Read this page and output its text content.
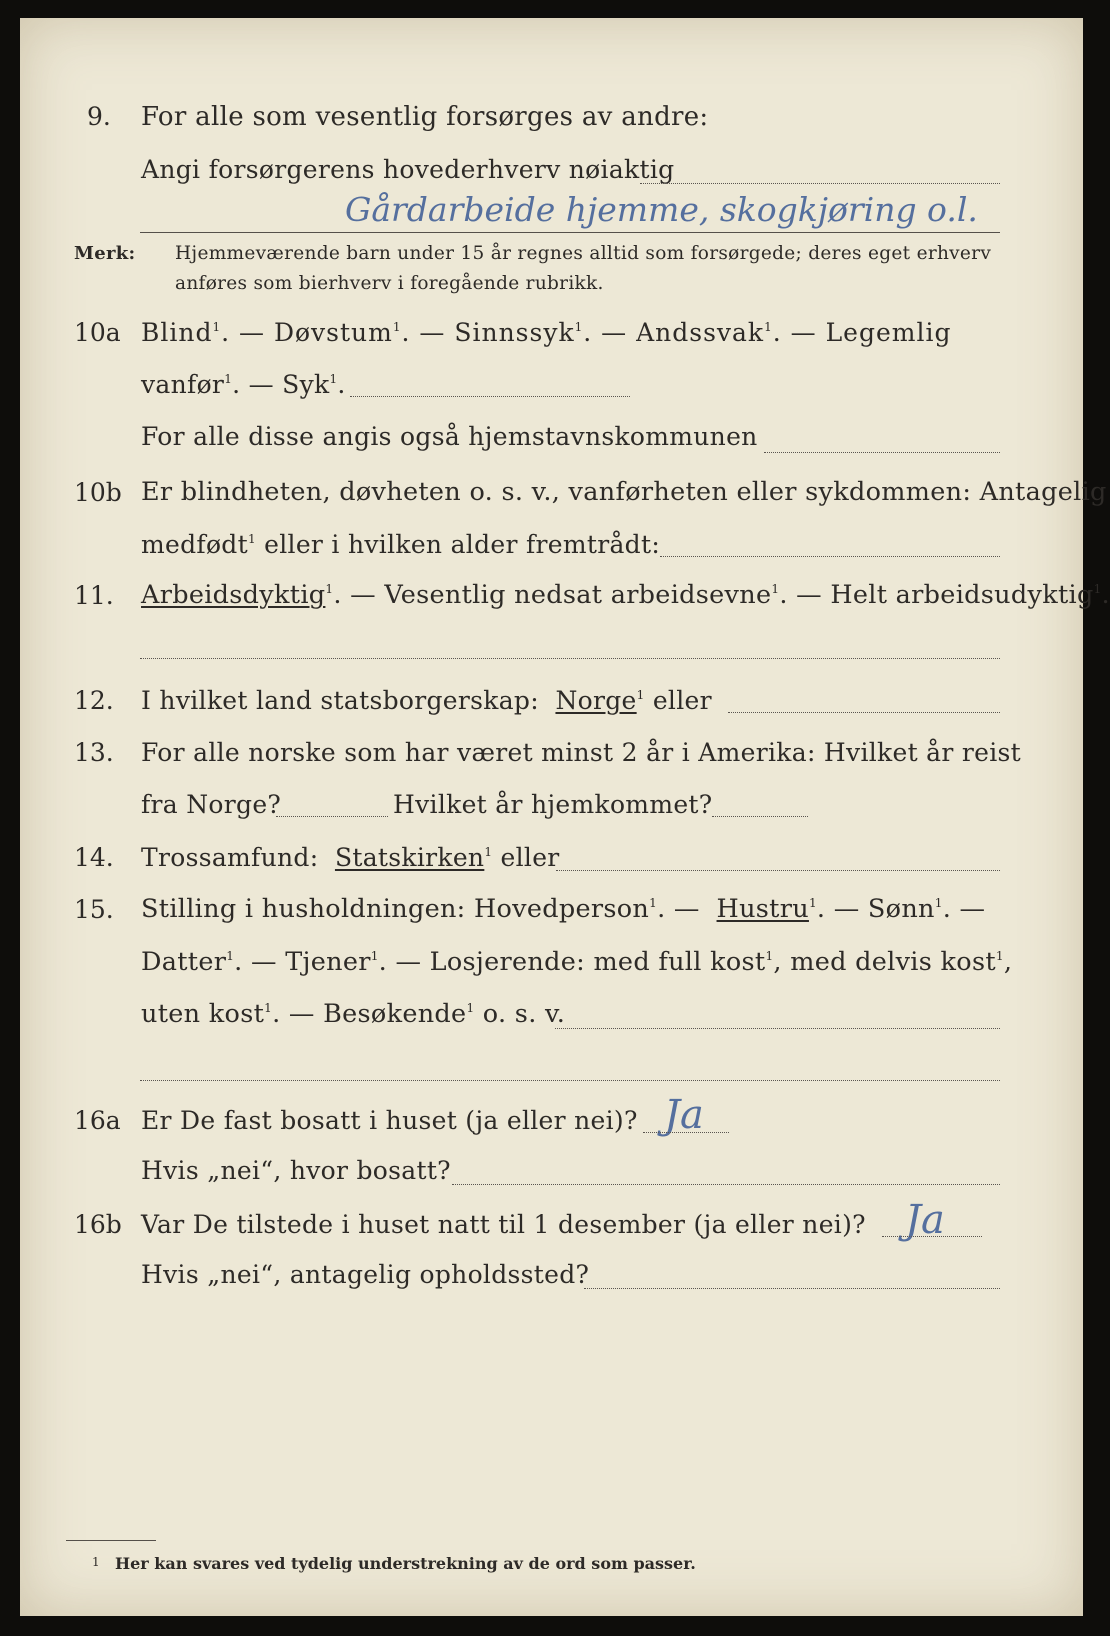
9. For alle som vesentlig forsørges av andre:
Angi forsørgerens hovederhverv nøiaktig
Gårdarbeide hjemme, skogkjøring o.l.
Merk: Hjemmeværende barn under 15 år regnes alltid som forsørgede; deres eget erhverv
anføres som bierhverv i foregående rubrikk.
10a Blind$^1$. — Døvstum$^1$. — Sinnssyk$^1$. — Andssvak$^1$. — Legemlig
vanfør$^1$. — Syk$^1$.
For alle disse angis også hjemstavnskommunen
10b Er blindheten, døvheten o. s. v., vanførheten eller sykdommen: Antagelig
medfødt$^1$ eller i hvilken alder fremtrådt:
11. Arbeidsdyktig$^1$. — Vesentlig nedsat arbeidsevne$^1$. — Helt arbeidsudyktig$^1$.
12. I hvilket land statsborgerskap: Norge$^1$ eller
13. For alle norske som har været minst 2 år i Amerika: Hvilket år reist
fra Norge?	Hvilket år hjemkommet?
14. Trossamfund: Statskirken$^1$ eller
15. Stilling i husholdningen: Hovedperson$^1$. — Hustru$^1$. — Sønn$^1$. —
Datter$^1$. — Tjener$^1$. — Losjerende: med full kost$^1$, med delvis kost$^1$,
uten kost$^1$. — Besøkende$^1$ o. s. v.
16a Er De fast bosatt i huset (ja eller nei)? Ja
Hvis „nei“, hvor bosatt?
16b Var De tilstede i huset natt til 1 desember (ja eller nei)? Ja
Hvis „nei“, antagelig opholdssted?
1 Her kan svares ved tydelig understrekning av de ord som passer.
